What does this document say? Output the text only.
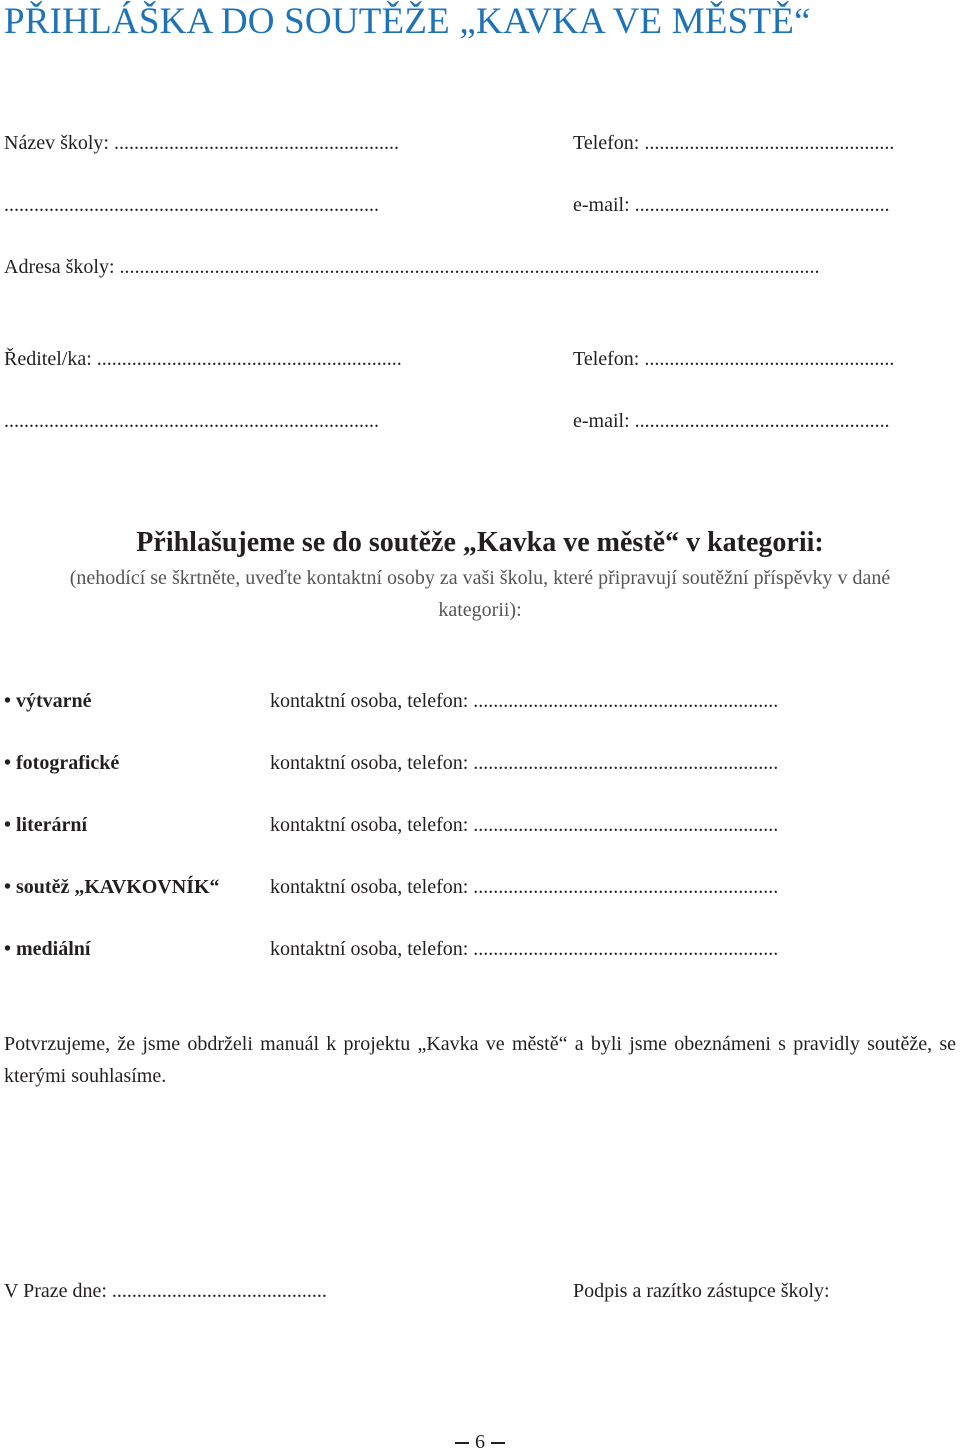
PŘIHLÁŠKA DO SOUTĚŽE „KAVKA VE MĚSTĚ“
Název školy: .........................................................	Telefon: ..................................................
...........................................................................	e-mail: ...................................................
Adresa školy: ............................................................................................................................................
Ředitel/ka: .............................................................	Telefon: ..................................................
...........................................................................	e-mail: ...................................................
Přihlašujeme se do soutěže „Kavka ve městě“ v kategorii:

(nehodící se škrtněte, uveďte kontaktní osoby za vaši školu, které připravují soutěžní příspěvky v dané kategorii):

• výtvarné	kontaktní osoba, telefon: .............................................................
• fotografické	kontaktní osoba, telefon: .............................................................
• literární	kontaktní osoba, telefon: .............................................................
• soutěž „KAVKOVNÍK“	kontaktní osoba, telefon: .............................................................
• mediální	kontaktní osoba, telefon: .............................................................

Potvrzujeme, že jsme obdrželi manuál k projektu „Kavka ve městě“ a byli jsme obeznámeni s pravidly soutěže, se kterými souhlasíme.

V Praze dne: ...........................................	Podpis a razítko zástupce školy:
6
